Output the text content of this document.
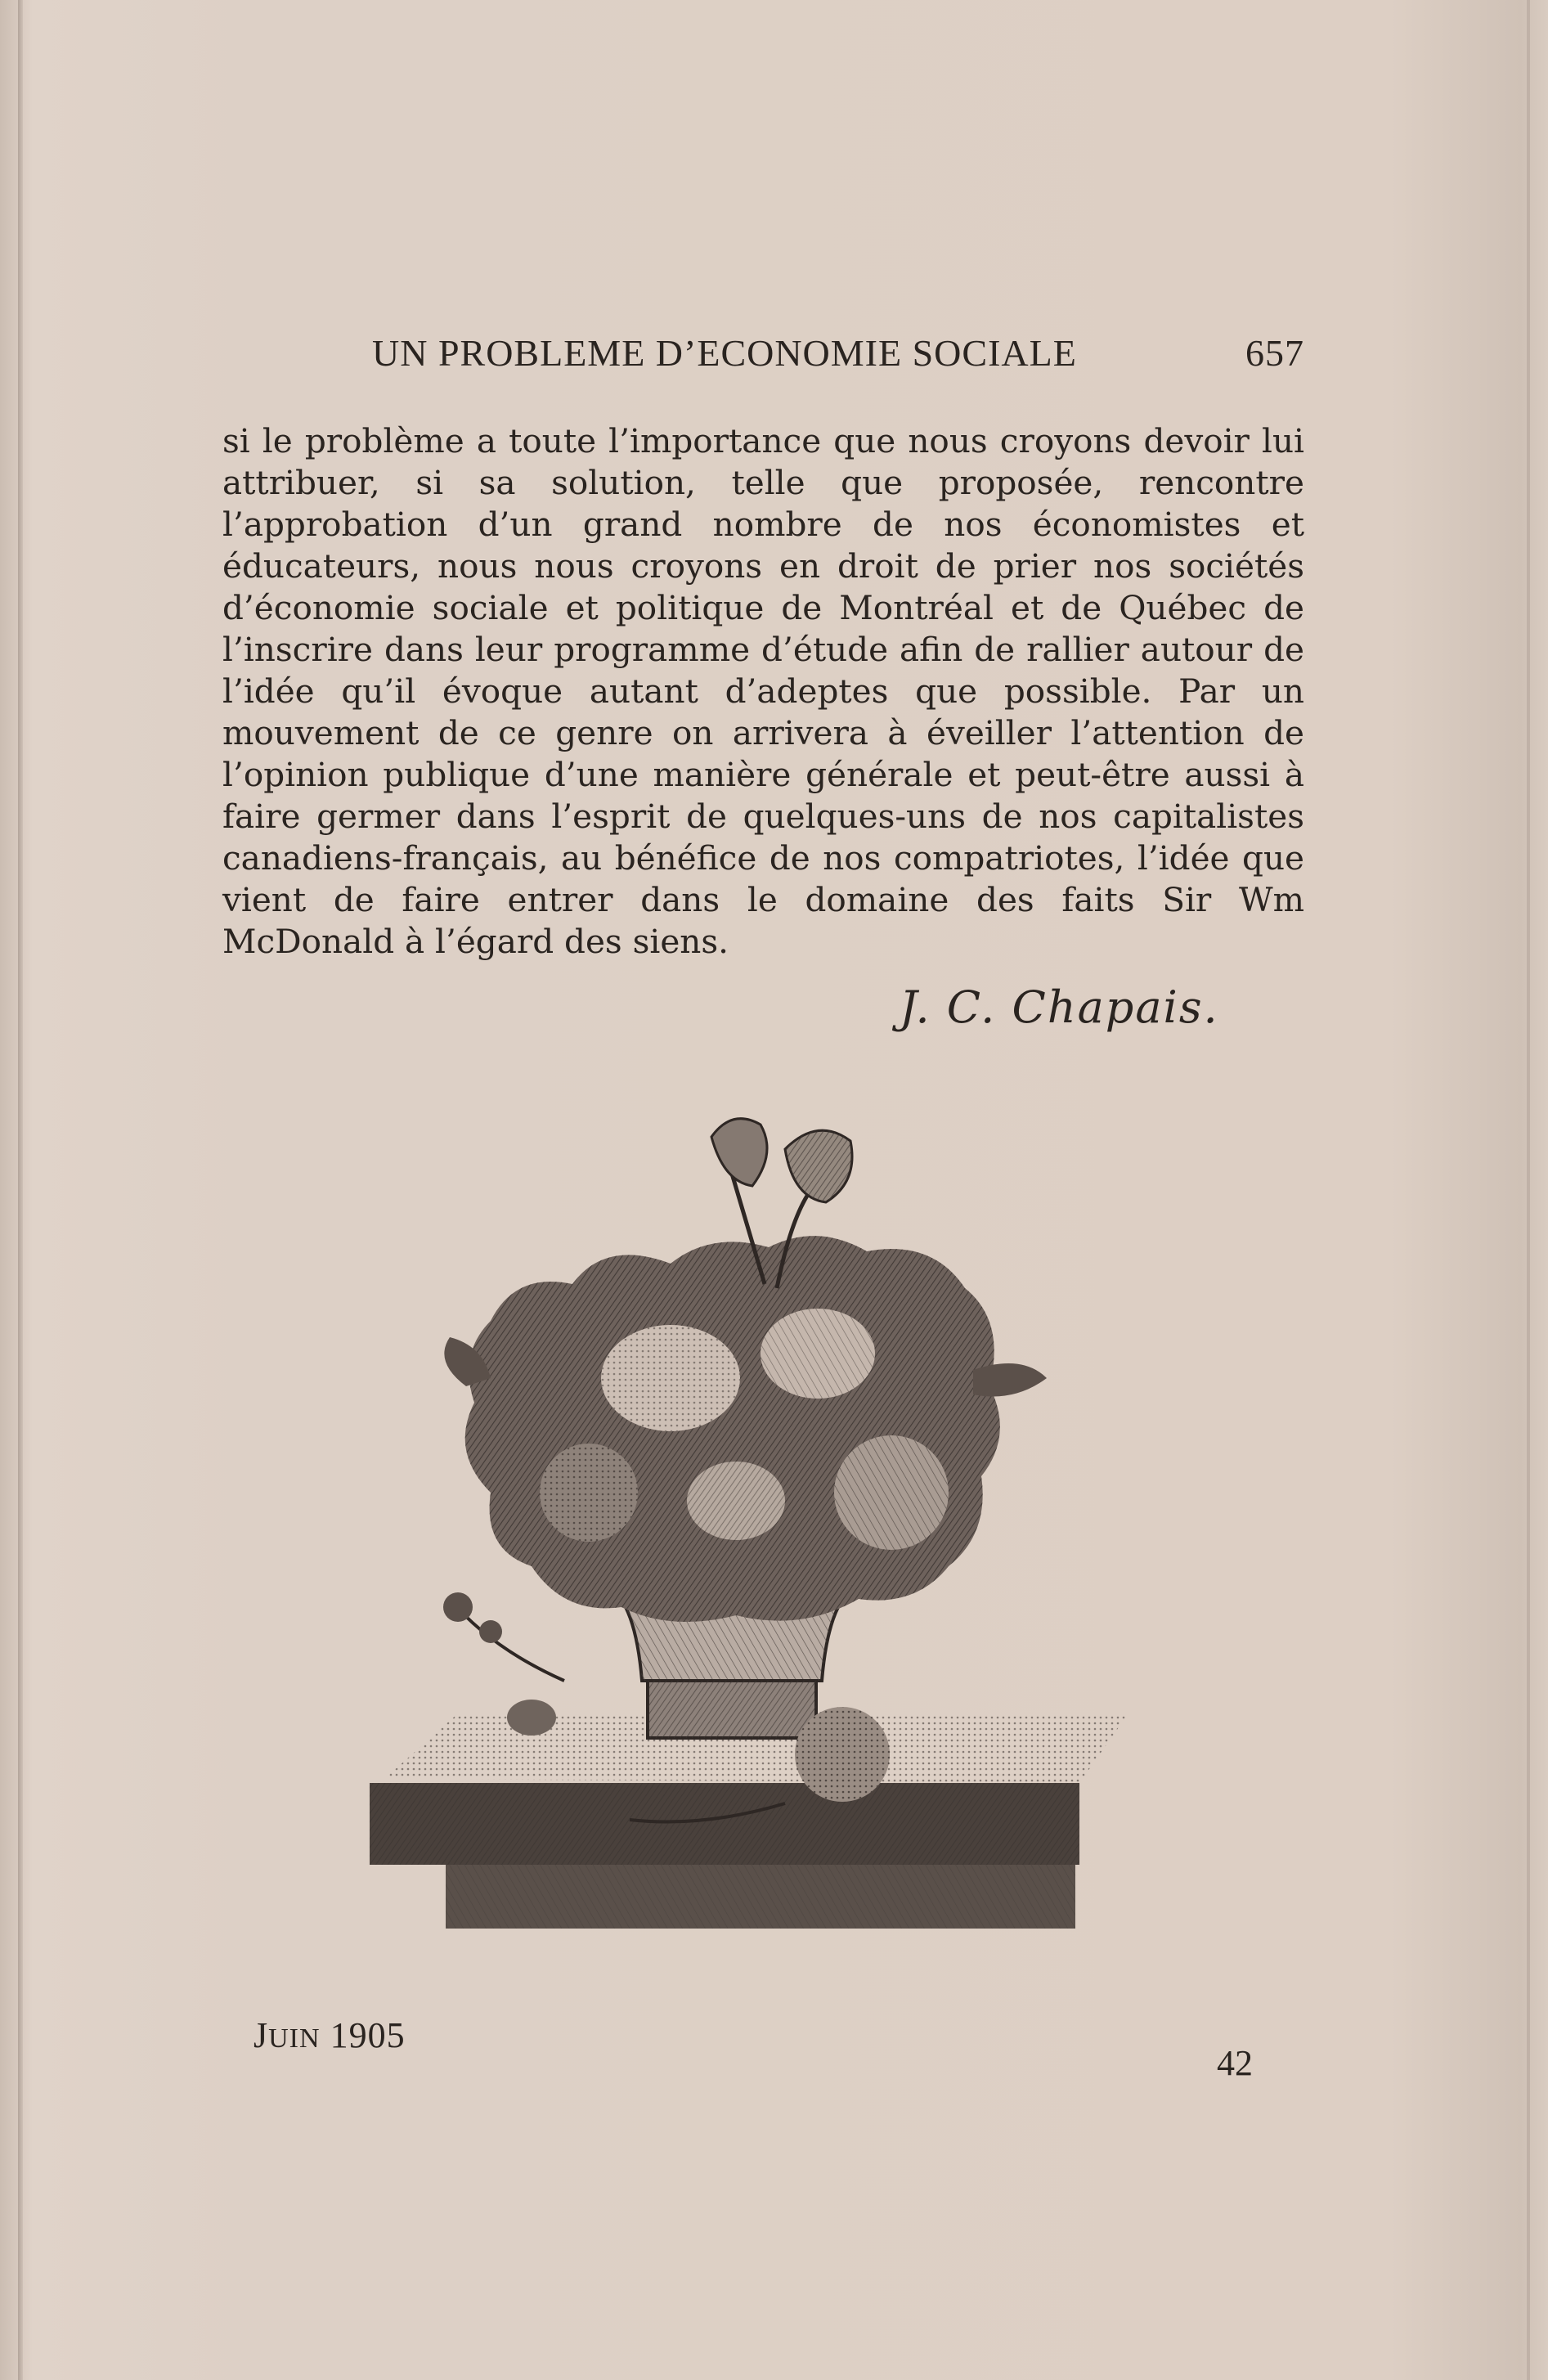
UN PROBLEME D’ECONOMIE SOCIALE	657

si le problème a toute l’importance que nous croyons devoir lui attribuer, si sa solution, telle que proposée, rencontre l’approbation d’un grand nombre de nos économistes et éducateurs, nous nous croyons en droit de prier nos sociétés d’économie sociale et politique de Montréal et de Québec de l’inscrire dans leur programme d’étude afin de rallier autour de l’idée qu’il évoque autant d’adeptes que possible. Par un mouvement de ce genre on arrivera à éveiller l’attention de l’opinion publique d’une manière générale et peut-être aussi à faire germer dans l’esprit de quelques-uns de nos capitalistes canadiens-français, au bénéfice de nos compatriotes, l’idée que vient de faire entrer dans le domaine des faits Sir Wm McDonald à l’égard des siens.

J. C. Chapais.
JUIN 1905
42
